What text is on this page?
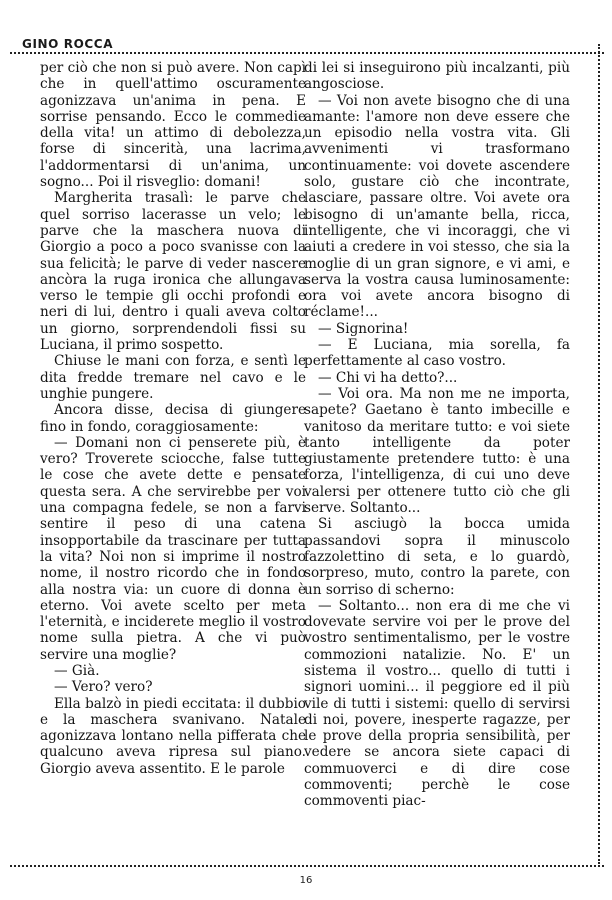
GINO ROCCA

per ciò che non si può avere. Non capì che in quell'attimo oscuramente agonizzava un'anima in pena. E sorrise pensando. Ecco le commedie della vita! un attimo di debolezza, forse di sincerità, una lacrima, l'addormentarsi di un'anima, un sogno... Poi il risveglio: domani!

Margherita trasalì: le parve che quel sorriso lacerasse un velo; le parve che la maschera nuova di Giorgio a poco a poco svanisse con la sua felicità; le parve di veder nascere ancòra la ruga ironica che allungava verso le tempie gli occhi profondi e neri di lui, dentro i quali aveva colto un giorno, sorprendendoli fissi su Luciana, il primo sospetto.

Chiuse le mani con forza, e sentì le dita fredde tremare nel cavo e le unghie pungere.

Ancora disse, decisa di giungere fino in fondo, coraggiosamente:

— Domani non ci penserete più, è vero? Troverete sciocche, false tutte le cose che avete dette e pensate questa sera. A che servirebbe per voi una compagna fedele, se non a farvi sentire il peso di una catena insopportabile da trascinare per tutta la vita? Noi non si imprime il nostro nome, il nostro ricordo che in fondo alla nostra via: un cuore di donna è eterno. Voi avete scelto per meta l'eternità, e inciderete meglio il vostro nome sulla pietra. A che vi può servire una moglie?

— Già.

— Vero? vero?

Ella balzò in piedi eccitata: il dubbio e la maschera svanivano. Natale agonizzava lontano nella pifferata che qualcuno aveva ripresa sul piano. Giorgio aveva assentito. E le parole

di lei si inseguirono più incalzanti, più angosciose.

— Voi non avete bisogno che di una amante: l'amore non deve essere che un episodio nella vostra vita. Gli avvenimenti vi trasformano continuamente: voi dovete ascendere solo, gustare ciò che incontrate, lasciare, passare oltre. Voi avete ora bisogno di un'amante bella, ricca, intelligente, che vi incoraggi, che vi aiuti a credere in voi stesso, che sia la moglie di un gran signore, e vi ami, e serva la vostra causa luminosamente: ora voi avete ancora bisogno di réclame!...

— Signorina!

— E Luciana, mia sorella, fa perfettamente al caso vostro.

— Chi vi ha detto?...

— Voi ora. Ma non me ne importa, sapete? Gaetano è tanto imbecille e vanitoso da meritare tutto: e voi siete tanto intelligente da poter giustamente pretendere tutto: è una forza, l'intelligenza, di cui uno deve valersi per ottenere tutto ciò che gli serve. Soltanto...

Si asciugò la bocca umida passandovi sopra il minuscolo fazzolettino di seta, e lo guardò, sorpreso, muto, contro la parete, con un sorriso di scherno:

— Soltanto... non era di me che vi dovevate servire voi per le prove del vostro sentimentalismo, per le vostre commozioni natalizie. No. E' un sistema il vostro... quello di tutti i signori uomini... il peggiore ed il più vile di tutti i sistemi: quello di servirsi di noi, povere, inesperte ragazze, per le prove della propria sensibilità, per vedere se ancora siete capaci di commuoverci e di dire cose commoventi; perchè le cose commoventi piac-

16
